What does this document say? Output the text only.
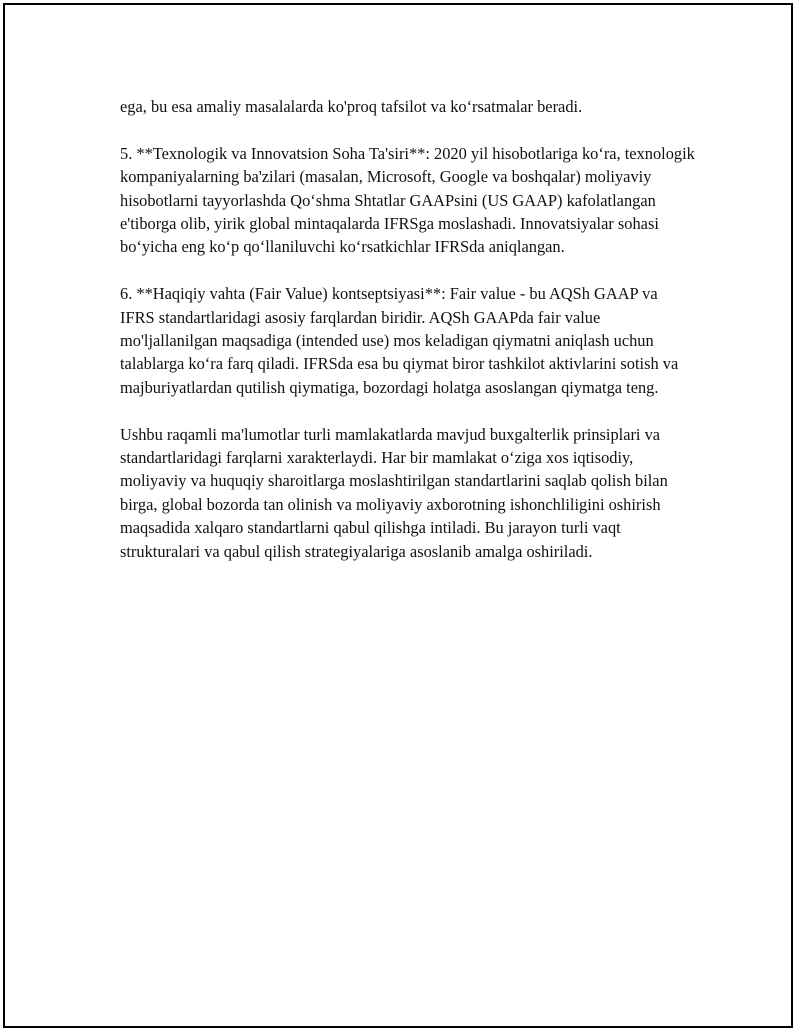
ega, bu esa amaliy masalalarda ko'proq tafsilot va ko‘rsatmalar beradi.

5. **Texnologik va Innovatsion Soha Ta'siri**: 2020 yil hisobotlariga ko‘ra, texnologik kompaniyalarning ba'zilari (masalan, Microsoft, Google va boshqalar) moliyaviy hisobotlarni tayyorlashda Qo‘shma Shtatlar GAAPsini (US GAAP) kafolatlangan e'tiborga olib, yirik global mintaqalarda IFRSga moslashadi. Innovatsiyalar sohasi bo‘yicha eng ko‘p qo‘llaniluvchi ko‘rsatkichlar IFRSda aniqlangan.

6. **Haqiqiy vahta (Fair Value) kontseptsiyasi**: Fair value - bu AQSh GAAP va IFRS standartlaridagi asosiy farqlardan biridir. AQSh GAAPda fair value mo'ljallanilgan maqsadiga (intended use) mos keladigan qiymatni aniqlash uchun talablarga ko‘ra farq qiladi. IFRSda esa bu qiymat biror tashkilot aktivlarini sotish va majburiyatlardan qutilish qiymatiga, bozordagi holatga asoslangan qiymatga teng.

Ushbu raqamli ma'lumotlar turli mamlakatlarda mavjud buxgalterlik prinsiplari va standartlaridagi farqlarni xarakterlaydi. Har bir mamlakat o‘ziga xos iqtisodiy, moliyaviy va huquqiy sharoitlarga moslashtirilgan standartlarini saqlab qolish bilan birga, global bozorda tan olinish va moliyaviy axborotning ishonchliligini oshirish maqsadida xalqaro standartlarni qabul qilishga intiladi. Bu jarayon turli vaqt strukturalari va qabul qilish strategiyalariga asoslanib amalga oshiriladi.
